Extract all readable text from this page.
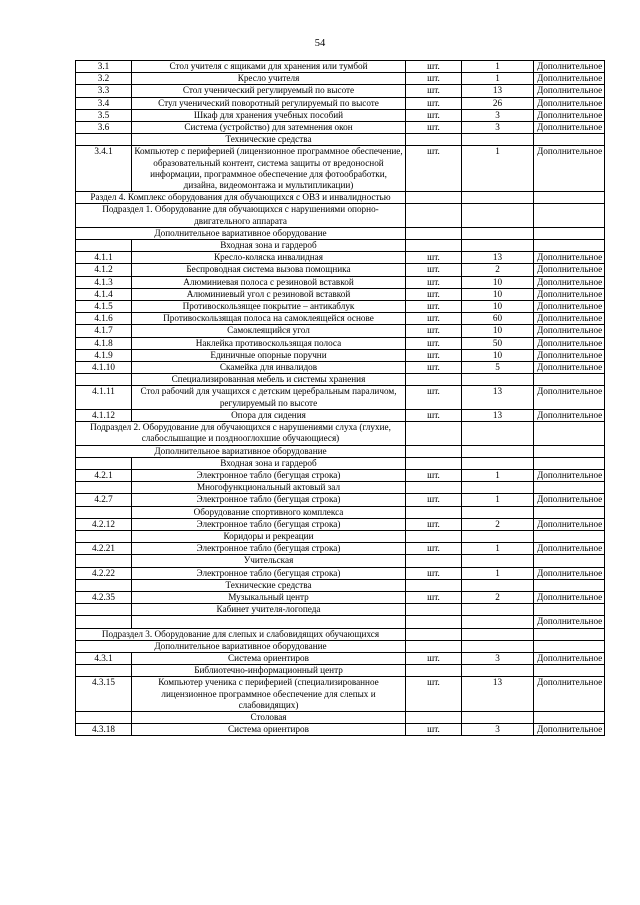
54
3.1	Стол учителя с ящиками для хранения или тумбой	шт.	1	Дополнительное
3.2	Кресло учителя	шт.	1	Дополнительное
3.3	Стол ученический регулируемый по высоте	шт.	13	Дополнительное
3.4	Стул ученический поворотный регулируемый по высоте	шт.	26	Дополнительное
3.5	Шкаф для хранения учебных пособий	шт.	3	Дополнительное
3.6	Система (устройство) для затемнения окон	шт.	3	Дополнительное
	Технические средства			
3.4.1	Компьютер с периферией (лицензионное программное обеспечение, образовательный контент, система защиты от вредоносной информации, программное обеспечение для фотообработки, дизайна, видеомонтажа и мультипликации)	шт.	1	Дополнительное
Раздел 4. Комплекс оборудования для обучающихся с ОВЗ и инвалидностью				
Подраздел 1. Оборудование для обучающихся с нарушениями опорно-двигательного аппарата				
Дополнительное вариативное оборудование				
	Входная зона и гардероб			
4.1.1	Кресло-коляска инвалидная	шт.	13	Дополнительное
4.1.2	Беспроводная система вызова помощника	шт.	2	Дополнительное
4.1.3	Алюминиевая полоса с резиновой вставкой	шт.	10	Дополнительное
4.1.4	Алюминиевый угол с резиновой вставкой	шт.	10	Дополнительное
4.1.5	Противоскользящее покрытие – антикаблук	шт.	10	Дополнительное
4.1.6	Противоскользящая полоса на самоклеящейся основе	шт.	60	Дополнительное
4.1.7	Самоклеящийся угол	шт.	10	Дополнительное
4.1.8	Наклейка противоскользящая полоса	шт.	50	Дополнительное
4.1.9	Единичные опорные поручни	шт.	10	Дополнительное
4.1.10	Скамейка для инвалидов	шт.	5	Дополнительное
	Специализированная мебель и системы хранения			
4.1.11	Стол рабочий для учащихся с детским церебральным параличом, регулируемый по высоте	шт.	13	Дополнительное
4.1.12	Опора для сидения	шт.	13	Дополнительное
Подраздел 2. Оборудование для обучающихся с нарушениями слуха (глухие, слабослышащие и позднооглохшие обучающиеся)				
Дополнительное вариативное оборудование				
	Входная зона и гардероб			
4.2.1	Электронное табло (бегущая строка)	шт.	1	Дополнительное
	Многофункциональный актовый зал			
4.2.7	Электронное табло (бегущая строка)	шт.	1	Дополнительное
	Оборудование спортивного комплекса			
4.2.12	Электронное табло (бегущая строка)	шт.	2	Дополнительное
	Коридоры и рекреации			
4.2.21	Электронное табло (бегущая строка)	шт.	1	Дополнительное
	Учительская			
4.2.22	Электронное табло (бегущая строка)	шт.	1	Дополнительное
	Технические средства			
4.2.35	Музыкальный центр	шт.	2	Дополнительное
	Кабинет учителя-логопеда			
				Дополнительное
Подраздел 3. Оборудование для слепых и слабовидящих обучающихся				
Дополнительное вариативное оборудование				
4.3.1	Система ориентиров	шт.	3	Дополнительное
	Библиотечно-информационный центр			
4.3.15	Компьютер ученика с периферией (специализированное лицензионное программное обеспечение для слепых и слабовидящих)	шт.	13	Дополнительное
	Столовая			
4.3.18	Система ориентиров	шт.	3	Дополнительное
